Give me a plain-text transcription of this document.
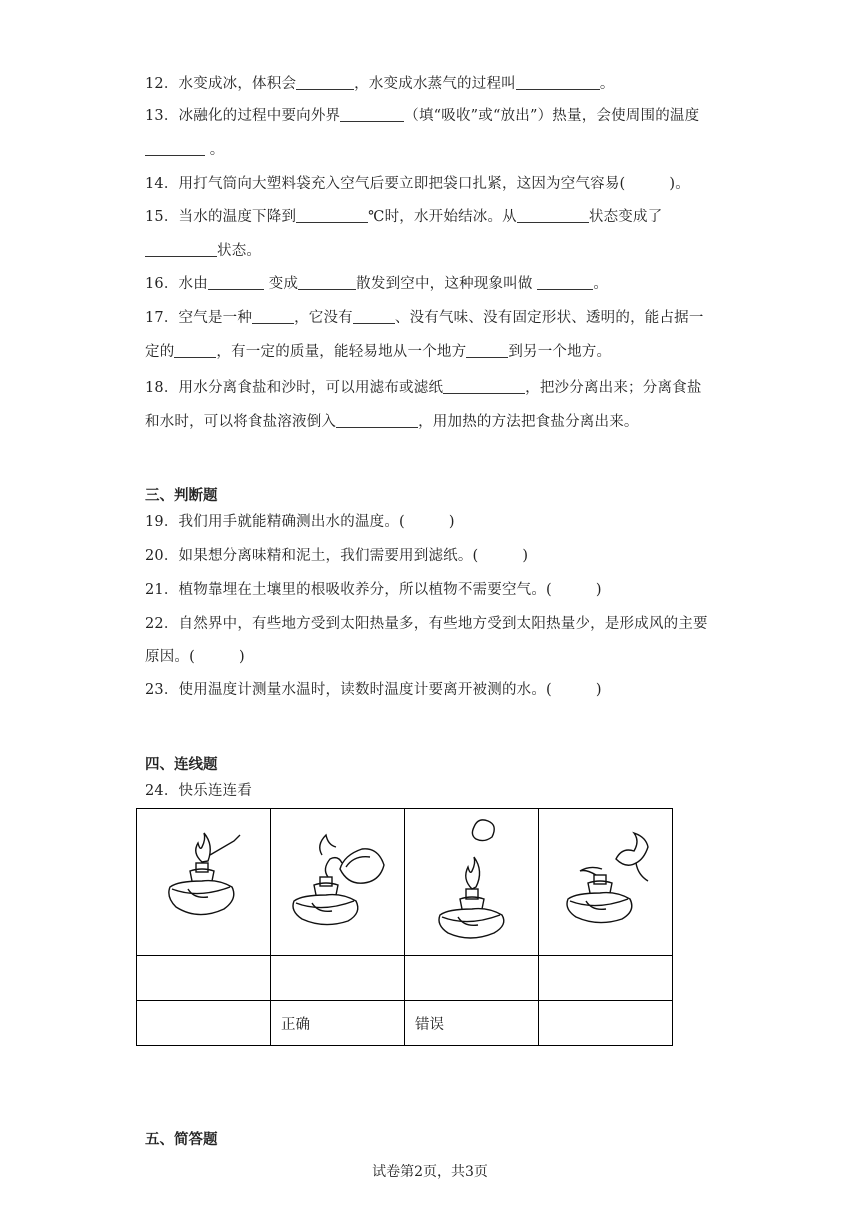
12．水变成冰，体积会	，水变成水蒸气的过程叫	。
13．冰融化的过程中要向外界	（填“吸收”或“放出”）热量，会使周围的温度
。
14．用打气筒向大塑料袋充入空气后要立即把袋口扎紧，这因为空气容易(	)。
15．当水的温度下降到	℃时，水开始结冰。从	状态变成了
状态。
16．水由	变成	散发到空中，这种现象叫做	。
17．空气是一种	，它没有	、没有气味、没有固定形状、透明的，能占据一
定的	，有一定的质量，能轻易地从一个地方	到另一个地方。
18．用水分离食盐和沙时，可以用滤布或滤纸	，把沙分离出来；分离食盐
和水时，可以将食盐溶液倒入	，用加热的方法把食盐分离出来。
三、判断题
19．我们用手就能精确测出水的温度。(	)
20．如果想分离味精和泥土，我们需要用到滤纸。(	)
21．植物靠埋在土壤里的根吸收养分，所以植物不需要空气。(	)
22．自然界中，有些地方受到太阳热量多，有些地方受到太阳热量少，是形成风的主要
原因。(	)
23．使用温度计测量水温时，读数时温度计要离开被测的水。(	)
四、连线题
24．快乐连连看

	正确	错误	
五、简答题
试卷第2页，共3页
